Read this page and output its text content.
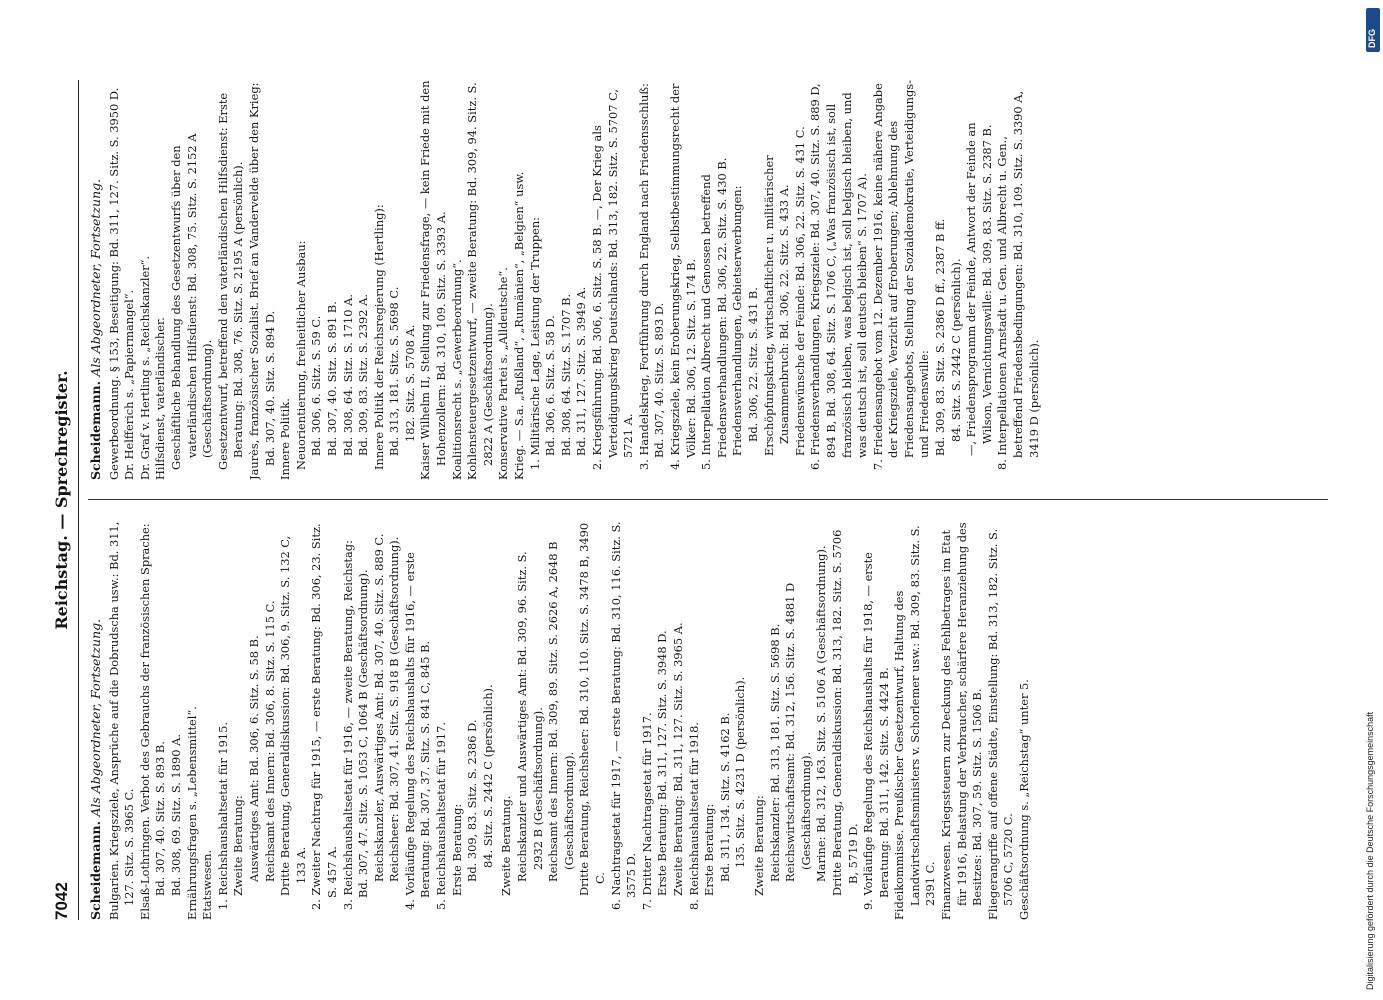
7042
Reichstag. — Sprechregister.
Scheidemann. Als Abgeordneter, Fortsetzung. Bulgarien. Kriegsziele, Ansprüche auf die Dobrudscha usw.: Bd. 311, 127. Sitz. S. 3965 C. Elsaß-Lothringen. Verbot des Gebrauchs der französischen Sprache: Bd. 307, 40. Sitz. S. 893 B. Bd. 308, 69. Sitz. S. 1890 A. Ernährungsfragen s. „Lebensmittel“. Etatswesen. 1. Reichshaushaltsetat für 1915. Zweite Beratung: Auswärtiges Amt: Bd. 306, 6. Sitz. S. 58 B. Reichsamt des Innern: Bd. 306, 8. Sitz. S. 115 C. Dritte Beratung, Generaldiskussion: Bd. 306, 9. Sitz. S. 132 C, 133 A. 2. Zweiter Nachtrag für 1915, — erste Beratung: Bd. 306, 23. Sitz. S. 457 A. 3. Reichshaushaltsetat für 1916, — zweite Beratung, Reichstag: Bd. 307, 47. Sitz. S. 1053 C, 1064 B (Geschäftsordnung). Reichskanzler, Auswärtiges Amt: Bd. 307, 40. Sitz. S. 889 C. Reichsheer: Bd. 307, 41. Sitz. S. 918 B (Geschäftsordnung). 4. Vorläufige Regelung des Reichshaushalts für 1916, — erste Beratung: Bd. 307, 37. Sitz. S. 841 C, 845 B. 5. Reichshaushaltsetat für 1917. Erste Beratung: Bd. 309, 83. Sitz. S. 2386 D. 84. Sitz. S. 2442 C (persönlich). Zweite Beratung. Reichskanzler und Auswärtiges Amt: Bd. 309, 96. Sitz. S. 2932 B (Geschäftsordnung). Reichsamt des Innern: Bd. 309, 89. Sitz. S. 2626 A, 2648 B (Geschäftsordnung). Dritte Beratung, Reichsheer: Bd. 310, 110. Sitz. S. 3478 B, 3490 C. 6. Nachtragsetat für 1917, — erste Beratung: Bd. 310, 116. Sitz. S. 3575 D. 7. Dritter Nachtragsetat für 1917. Erste Beratung: Bd. 311, 127. Sitz. S. 3948 D. Zweite Beratung: Bd. 311, 127. Sitz. S. 3965 A. 8. Reichshaushaltsetat für 1918. Erste Beratung: Bd. 311, 134. Sitz. S. 4162 B. 135. Sitz. S. 4231 D (persönlich). Zweite Beratung: Reichskanzler: Bd. 313, 181. Sitz. S. 5698 B. Reichswirtschaftsamt: Bd. 312, 156. Sitz. S. 4881 D (Geschäftsordnung). Marine: Bd. 312, 163. Sitz. S. 5106 A (Geschäftsordnung). Dritte Beratung, Generaldiskussion: Bd. 313, 182. Sitz. S. 5706 B, 5719 D. 9. Vorläufige Regelung des Reichshaushalts für 1918, — erste Beratung: Bd. 311, 142. Sitz. S. 4424 B. Fideikommisse. Preußischer Gesetzentwurf, Haltung des Landwirtschaftsministers v. Schorlemer usw.: Bd. 309, 83. Sitz. S. 2391 C. Finanzwesen. Kriegssteuern zur Deckung des Fehlbetrages im Etat für 1916, Belastung der Verbraucher, schärfere Heranziehung des Besitzes: Bd. 307, 59. Sitz. S. 1506 B. Fliegerangriffe auf offene Städte, Einstellung: Bd. 313, 182. Sitz. S. 5706 C, 5720 C. Geschäftsordnung s. „Reichstag“ unter 5.

Scheidemann. Als Abgeordneter, Fortsetzung. Gewerbeordnung. § 153, Beseitigung: Bd. 311, 127. Sitz. S. 3950 D. Dr. Helfferich s. „Papiermangel“. Dr. Graf v. Hertling s. „Reichskanzler“. Hilfsdienst, vaterländischer. Geschäftliche Behandlung des Gesetzentwurfs über den vaterländischen Hilfsdienst: Bd. 308, 75. Sitz. S. 2152 A (Geschäftsordnung). Gesetzentwurf, betreffend den vaterländischen Hilfsdienst: Erste Beratung: Bd. 308, 76. Sitz. S. 2195 A (persönlich). Jaurès, französischer Sozialist. Brief an Vandervelde über den Krieg: Bd. 307, 40. Sitz. S. 894 D. Innere Politik. Neuorientierung, freiheitlicher Ausbau: Bd. 306, 6. Sitz. S. 59 C. Bd. 307, 40. Sitz. S. 891 B. Bd. 308, 64. Sitz. S. 1710 A. Bd. 309, 83. Sitz. S. 2392 A. Innere Politik der Reichsregierung (Hertling): Bd. 313, 181. Sitz. S. 5698 C. 182. Sitz. S. 5708 A. Kaiser Wilhelm II, Stellung zur Friedensfrage, — kein Friede mit den Hohenzollern: Bd. 310, 109. Sitz. S. 3393 A. Koalitionsrecht s. „Gewerbeordnung“. Kohlensteuergesetzentwurf, — zweite Beratung: Bd. 309, 94. Sitz. S. 2822 A (Geschäftsordnung). Konservative Partei s. „Alldeutsche“. Krieg. — S.a. „Rußland“, „Rumänien“, „Belgien“ usw. 1. Militärische Lage, Leistung der Truppen: Bd. 306, 6. Sitz. S. 58 D. Bd. 308, 64. Sitz. S. 1707 B. Bd. 311, 127. Sitz. S. 3949 A. 2. Kriegsführung: Bd. 306, 6. Sitz. S. 58 B. —, Der Krieg als Verteidigungskrieg Deutschlands: Bd. 313, 182. Sitz. S. 5707 C, 5721 A. 3. Handelskrieg, Fortführung durch England nach Friedensschluß: Bd. 307, 40. Sitz. S. 893 D. 4. Kriegsziele, kein Eroberungskrieg, Selbstbestimmungsrecht der Völker: Bd. 306, 12. Sitz. S. 174 B. 5. Interpellation Albrecht und Genossen betreffend Friedensverhandlungen: Bd. 306, 22. Sitz. S. 430 B. Friedensverhandlungen, Gebietserwerbungen: Bd. 306, 22. Sitz. S. 431 B. Erschöpfungskrieg, wirtschaftlicher u. militärischer Zusammenbruch: Bd. 306, 22. Sitz. S. 433 A. Friedenswünsche der Feinde: Bd. 306, 22. Sitz. S. 431 C. 6. Friedensverhandlungen, Kriegsziele: Bd. 307, 40. Sitz. S. 889 D, 894 B, Bd. 308, 64. Sitz. S. 1706 C, („Was französisch ist, soll französisch bleiben, was belgisch ist, soll belgisch bleiben, und was deutsch ist, soll deutsch bleiben“ S. 1707 A). 7. Friedensangebot vom 12. Dezember 1916, keine nähere Angabe der Kriegsziele, Verzicht auf Eroberungen; Ablehnung des Friedensangebots, Stellung der Sozialdemokratie, Verteidigungs- und Friedenswille: Bd. 309, 83. Sitz. S. 2386 D ff., 2387 B ff. 84. Sitz. S. 2442 C (persönlich). —, Friedensprogramm der Feinde, Antwort der Feinde an Wilson, Vernichtungswille: Bd. 309, 83. Sitz. S. 2387 B. 8. Interpellationen Arnstadt u. Gen. und Albrecht u. Gen., betreffend Friedensbedingungen: Bd. 310, 109. Sitz. S. 3390 A, 3419 D (persönlich).

Digitalisierung gefördert durch die Deutsche Forschungsgemeinschaft
DFG
